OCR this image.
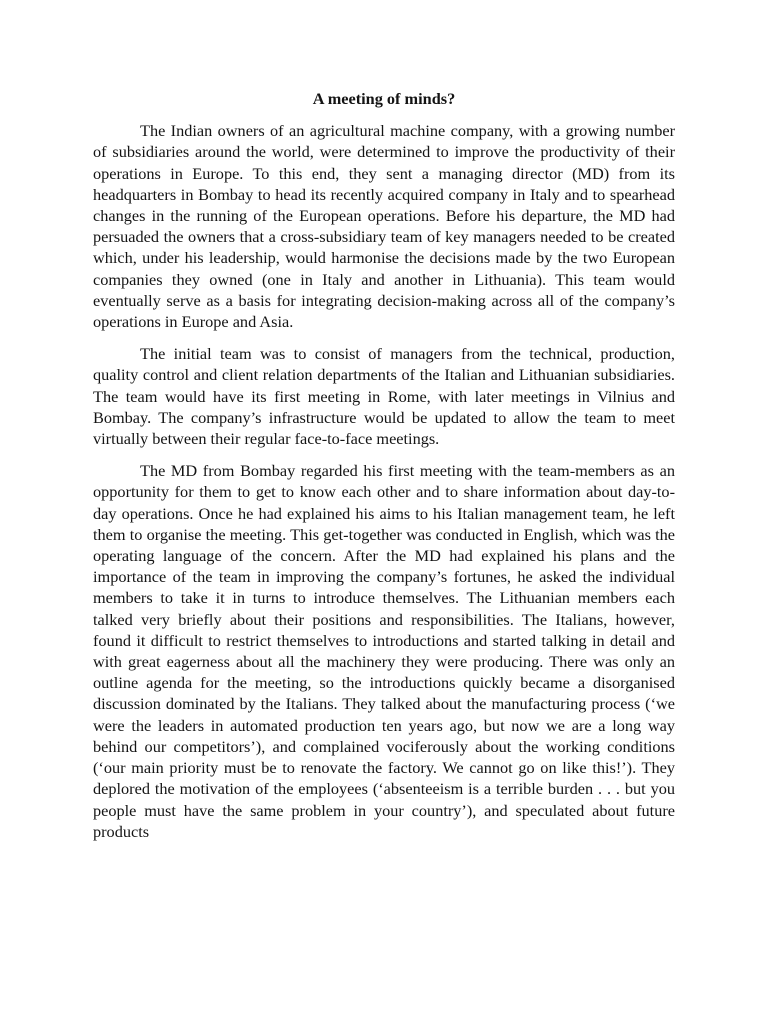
A meeting of minds?

The Indian owners of an agricultural machine company, with a growing number of subsidiaries around the world, were determined to improve the productivity of their operations in Europe. To this end, they sent a managing director (MD) from its headquarters in Bombay to head its recently acquired company in Italy and to spearhead changes in the running of the European operations. Before his departure, the MD had persuaded the owners that a cross-subsidiary team of key managers needed to be created which, under his leadership, would harmonise the decisions made by the two European companies they owned (one in Italy and another in Lithuania). This team would eventually serve as a basis for integrating decision-making across all of the company’s operations in Europe and Asia.

The initial team was to consist of managers from the technical, production, quality control and client relation departments of the Italian and Lithuanian subsidiaries. The team would have its first meeting in Rome, with later meetings in Vilnius and Bombay. The company’s infrastructure would be updated to allow the team to meet virtually between their regular face-to-face meetings.

The MD from Bombay regarded his first meeting with the team-members as an opportunity for them to get to know each other and to share information about day-to-day operations. Once he had explained his aims to his Italian management team, he left them to organise the meeting. This get-together was conducted in English, which was the operating language of the concern. After the MD had explained his plans and the importance of the team in improving the company’s fortunes, he asked the individual members to take it in turns to introduce themselves. The Lithuanian members each talked very briefly about their positions and responsibilities. The Italians, however, found it difficult to restrict themselves to introductions and started talking in detail and with great eagerness about all the machinery they were producing. There was only an outline agenda for the meeting, so the introductions quickly became a disorganised discussion dominated by the Italians. They talked about the manufacturing process (‘we were the leaders in automated production ten years ago, but now we are a long way behind our competitors’), and complained vociferously about the working conditions (‘our main priority must be to renovate the factory. We cannot go on like this!’). They deplored the motivation of the employees (‘absenteeism is a terrible burden . . . but you people must have the same problem in your country’), and speculated about future products
